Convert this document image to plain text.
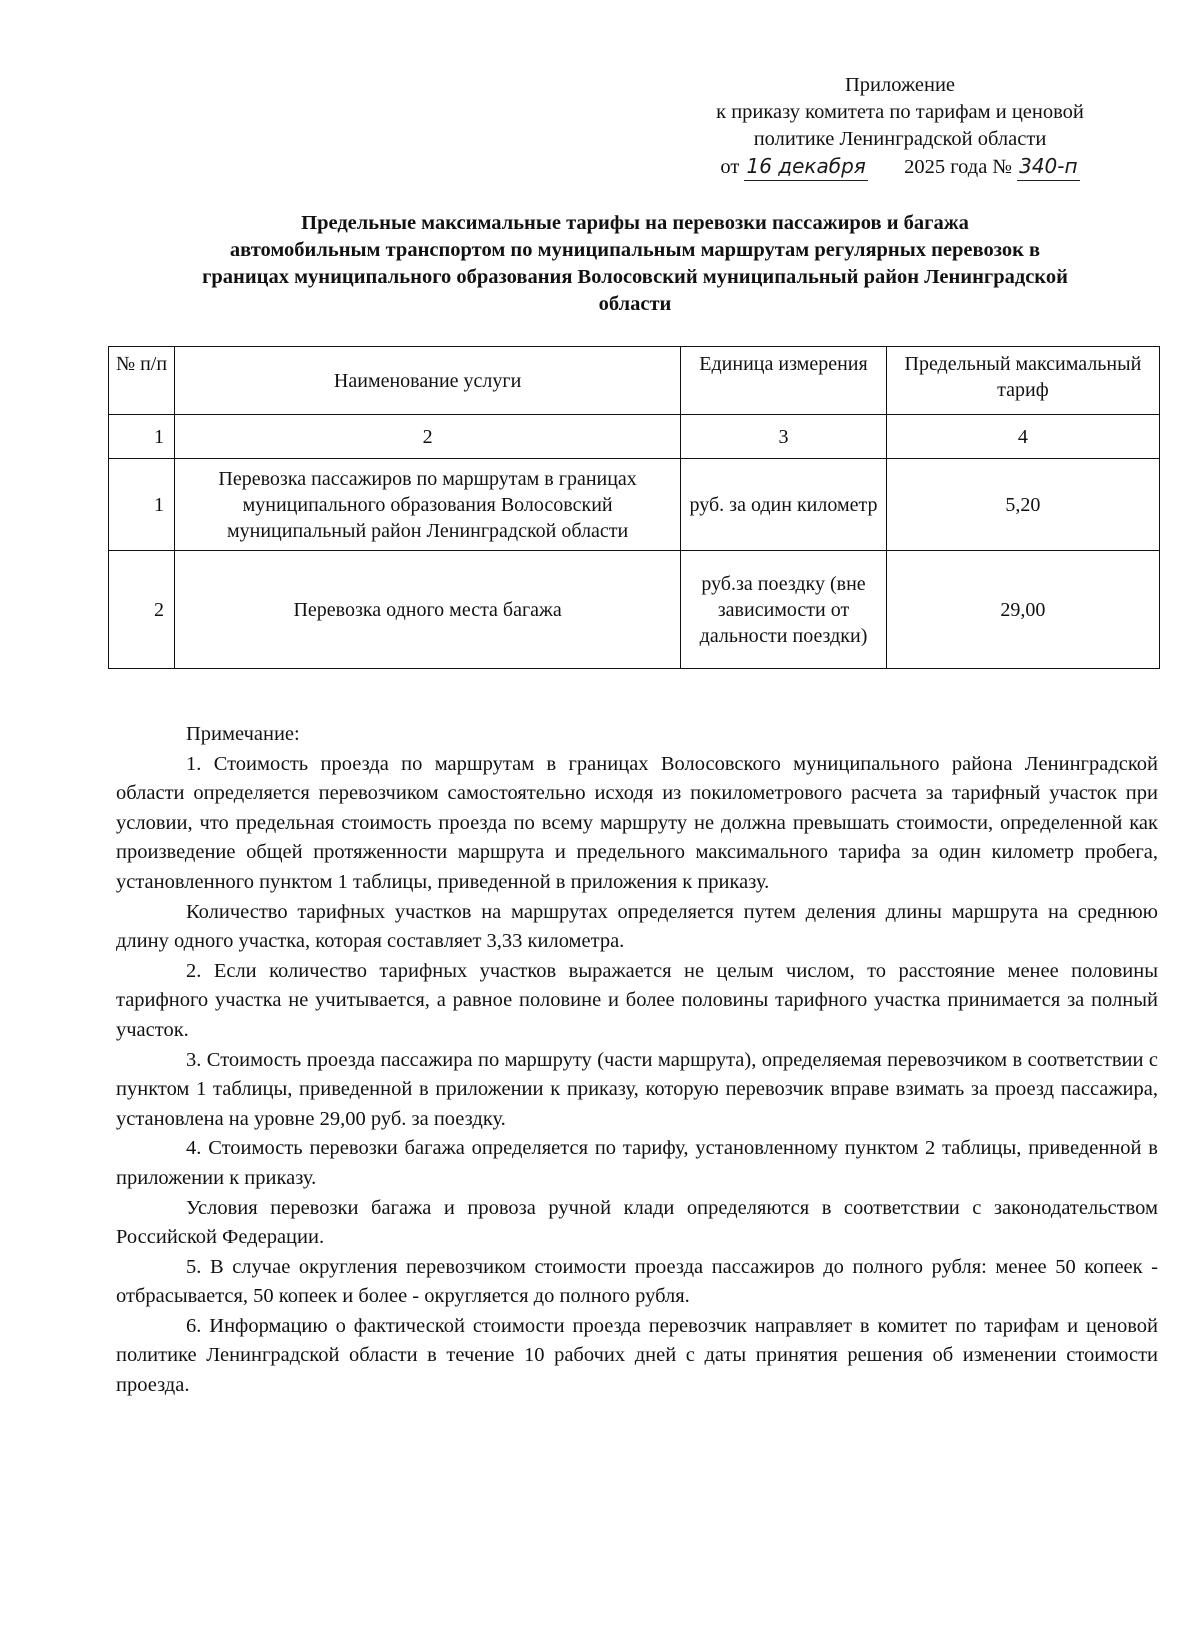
Приложение
к приказу комитета по тарифам и ценовой
политике Ленинградской области
от 16 декабря 2025 года № 340-п
Предельные максимальные тарифы на перевозки пассажиров и багажа
автомобильным транспортом по муниципальным маршрутам регулярных перевозок в
границах муниципального образования Волосовский муниципальный район Ленинградской
области
№ п/п	Наименование услуги	Единица измерения	Предельный максимальный тариф
1	2	3	4
1	Перевозка пассажиров по маршрутам в границах муниципального образования Волосовский муниципальный район Ленинградской области	руб. за один километр	5,20
2	Перевозка одного места багажа	руб.за поездку (вне зависимости от дальности поездки)	29,00

Примечание:

1. Стоимость проезда по маршрутам в границах Волосовского муниципального района Ленинградской области определяется перевозчиком самостоятельно исходя из покилометрового расчета за тарифный участок при условии, что предельная стоимость проезда по всему маршруту не должна превышать стоимости, определенной как произведение общей протяженности маршрута и предельного максимального тарифа за один километр пробега, установленного пунктом 1 таблицы, приведенной в приложения к приказу.

Количество тарифных участков на маршрутах определяется путем деления длины маршрута на среднюю длину одного участка, которая составляет 3,33 километра.

2. Если количество тарифных участков выражается не целым числом, то расстояние менее половины тарифного участка не учитывается, а равное половине и более половины тарифного участка принимается за полный участок.

3. Стоимость проезда пассажира по маршруту (части маршрута), определяемая перевозчиком в соответствии с пунктом 1 таблицы, приведенной в приложении к приказу, которую перевозчик вправе взимать за проезд пассажира, установлена на уровне 29,00 руб. за поездку.

4. Стоимость перевозки багажа определяется по тарифу, установленному пунктом 2 таблицы, приведенной в приложении к приказу.

Условия перевозки багажа и провоза ручной клади определяются в соответствии с законодательством Российской Федерации.

5. В случае округления перевозчиком стоимости проезда пассажиров до полного рубля: менее 50 копеек - отбрасывается, 50 копеек и более - округляется до полного рубля.

6. Информацию о фактической стоимости проезда перевозчик направляет в комитет по тарифам и ценовой политике Ленинградской области в течение 10 рабочих дней с даты принятия решения об изменении стоимости проезда.
